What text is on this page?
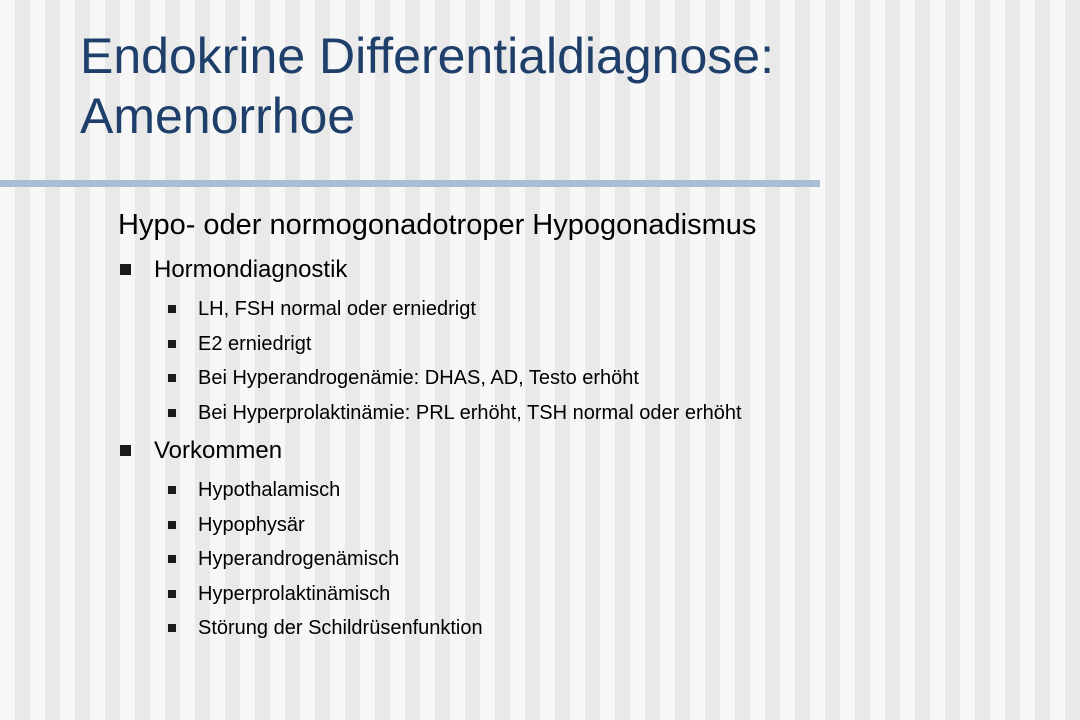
Endokrine Differentialdiagnose:
Amenorrhoe

Hypo- oder normogonadotroper Hypogonadismus

Hormondiagnostik
LH, FSH normal oder erniedrigt
E2 erniedrigt
Bei Hyperandrogenämie: DHAS, AD, Testo erhöht
Bei Hyperprolaktinämie: PRL erhöht, TSH normal oder erhöht
Vorkommen
Hypothalamisch
Hypophysär
Hyperandrogenämisch
Hyperprolaktinämisch
Störung der Schildrüsenfunktion
